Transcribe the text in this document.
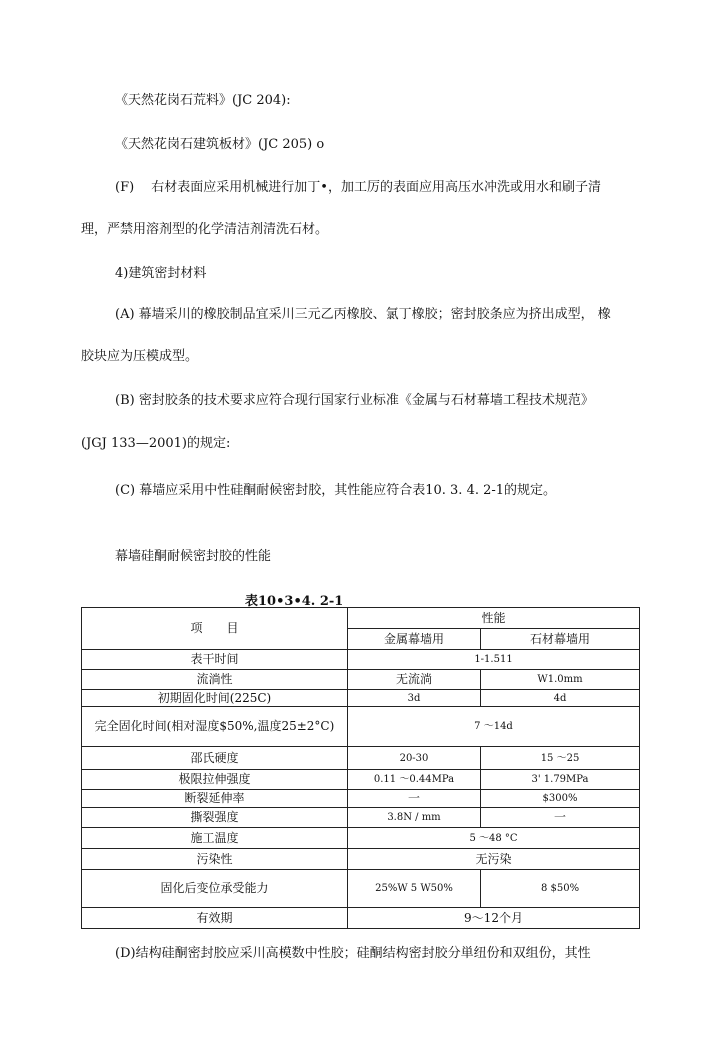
《天然花岗石荒料》(JC 204):
《天然花岗石建筑板材》(JC 205) o
(F)　 右材表面应采用机械进行加丁•，加工厉的表面应用高压水冲洗或用水和刷子清
理，严禁用溶剂型的化学清洁剂清洗石材。
4)建筑密封材料
(A) 幕墙采川的橡胶制品宜采川三元乙丙橡胶、氯丁橡胶；密封胶条应为挤出成型， 橡
胶块应为压模成型。
(B) 密封胶条的技术要求应符合现行国家行业标准《金属与石材幕墙工程技术规范》
(JGJ 133—2001)的规定:
(C) 幕墙应采用中性硅酮耐候密封胶，其性能应符合表10. 3. 4. 2-1的规定。
幕墙硅酮耐候密封胶的性能
表10•3•4. 2-1
项　　目	性能	
	金属幕墙用	石材幕墙用
表干时间	1-1.511	
流淌性	无流淌	W1.0mm
初期固化时间(225C)	3d	4d
完全固化时间(相对湿度$50%,温度25±2°C)	7 〜14d	
邵氏硬度	20-30	15 〜25
极限拉伸强度	0.11 〜0.44MPa	3' 1.79MPa
断裂延伸率	一	$300%
撕裂强度	3.8N / mm	一
施工温度	5 〜48 °C	
污染性	无污染	
固化后变位承受能力	25%W 5 W50%	8 $50%
有效期	9〜12个月	
(D)结构硅酮密封胶应采川高模数中性胶；硅酮结构密封胶分単纽份和双组份，其性
